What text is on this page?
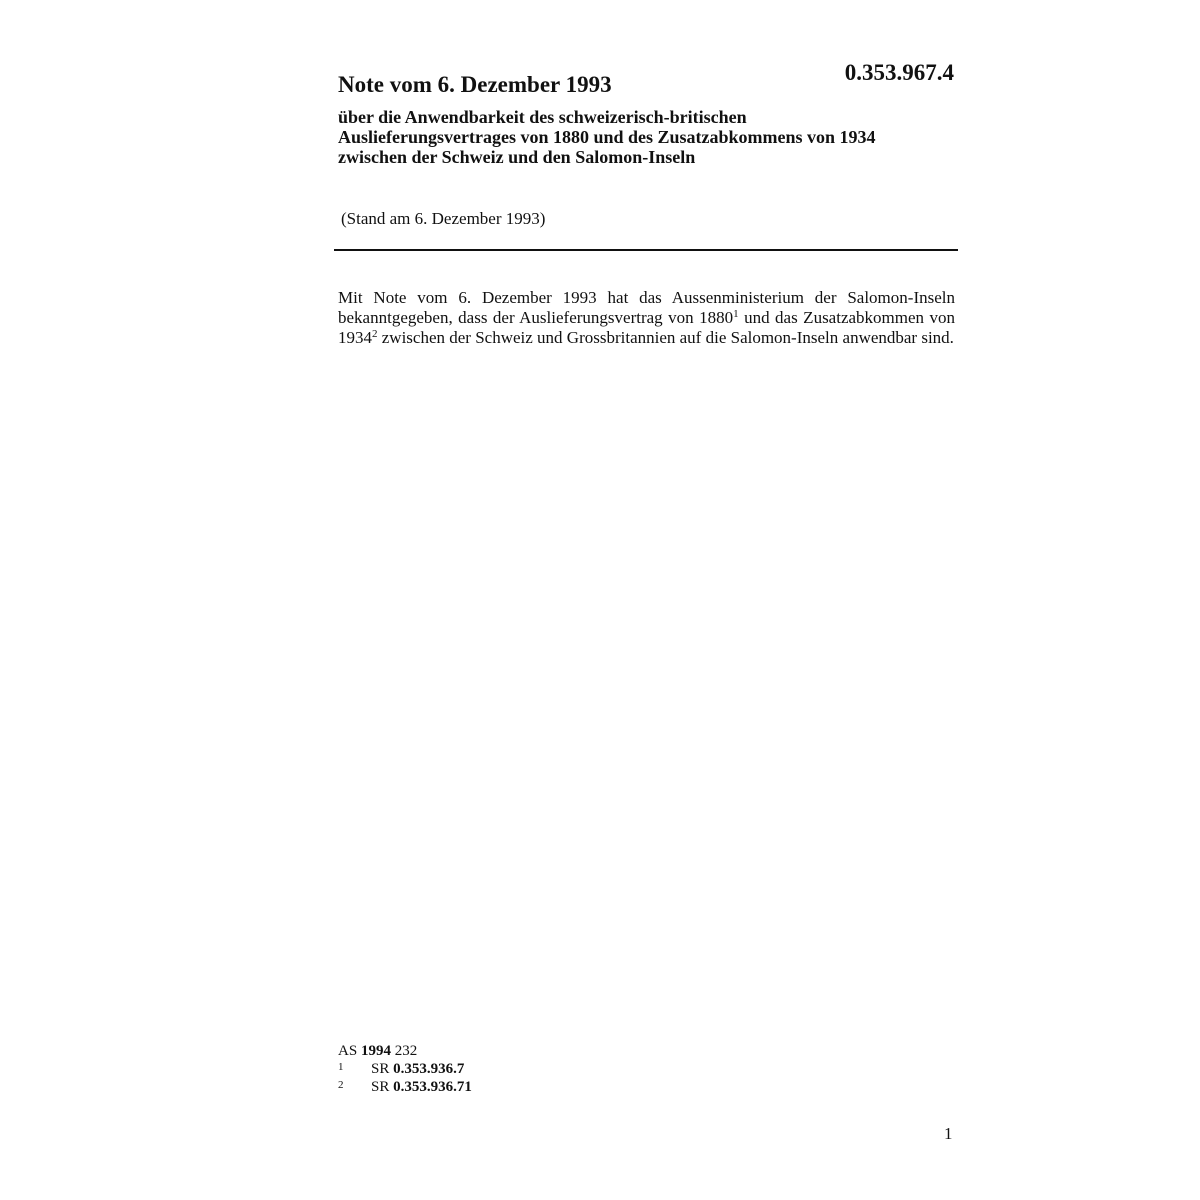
0.353.967.4
Note vom 6. Dezember 1993
über die Anwendbarkeit des schweizerisch-britischen Auslieferungsvertrages von 1880 und des Zusatzabkommens von 1934 zwischen der Schweiz und den Salomon-Inseln
(Stand am 6. Dezember 1993)

Mit Note vom 6. Dezember 1993 hat das Aussenministerium der Salomon-Inseln bekanntgegeben, dass der Auslieferungsvertrag von 1880$^1$ und das Zusatzabkommen von 1934$^2$ zwischen der Schweiz und Grossbritannien auf die Salomon-Inseln anwendbar sind.

AS
1994
232
1	SR
0.353.936.7
2	SR
0.353.936.71
1
